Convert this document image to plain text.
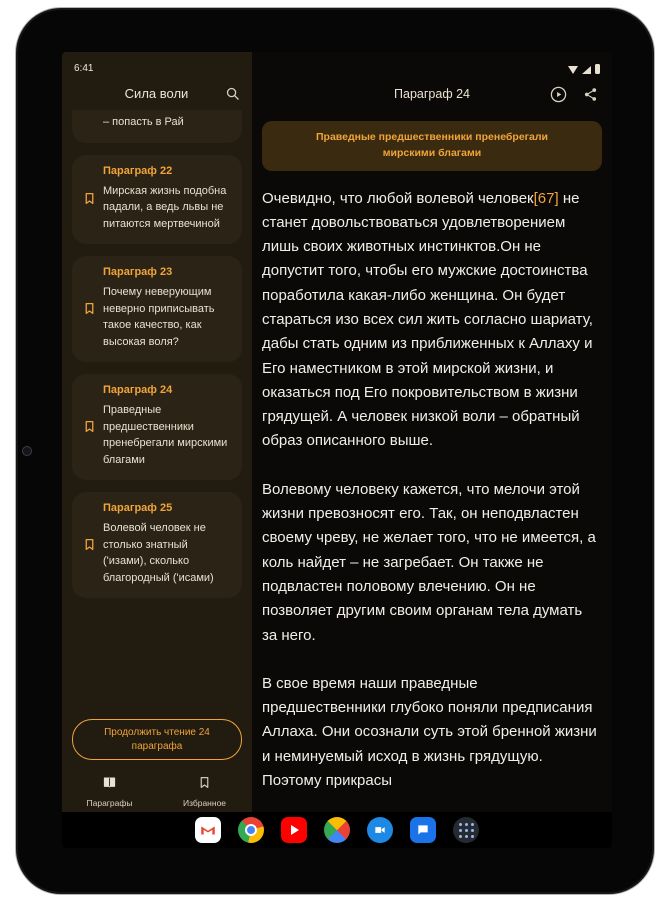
6:41
Сила воли
– попасть в Рай
Параграф 22
Мирская жизнь подобна падали, а ведь львы не питаются мертвечиной
Параграф 23
Почему неверующим неверно приписывать такое качество, как высокая воля?
Параграф 24
Праведные предшественники пренебрегали мирскими благами
Параграф 25
Волевой человек не столько знатный ('изами), сколько благородный ('исами)
Продолжить чтение 24 параграфа
Параграфы	Избранное
Параграф 24
Праведные предшественники пренебрегали мирскими благами

Очевидно, что любой волевой человек[67] не станет довольствоваться удовлетворением лишь своих животных инстинктов.Он не допустит того, чтобы его мужские достоинства поработила какая-либо женщина. Он будет стараться изо всех сил жить согласно шариату, дабы стать одним из приближенных к Аллаху и Его наместником в этой мирской жизни, и оказаться под Его покровительством в жизни грядущей. А человек низкой воли – обратный образ описанного выше.

Волевому человеку кажется, что мелочи этой жизни превозносят его. Так, он неподвластен своему чреву, не желает того, что не имеется, а коль найдет – не загребает. Он также не подвластен половому влечению. Он не позволяет другим своим органам тела думать за него.

В свое время наши праведные предшественники глубоко поняли предписания Аллаха. Они осознали суть этой бренной жизни и неминуемый исход в жизнь грядущую. Поэтому прикрасы
